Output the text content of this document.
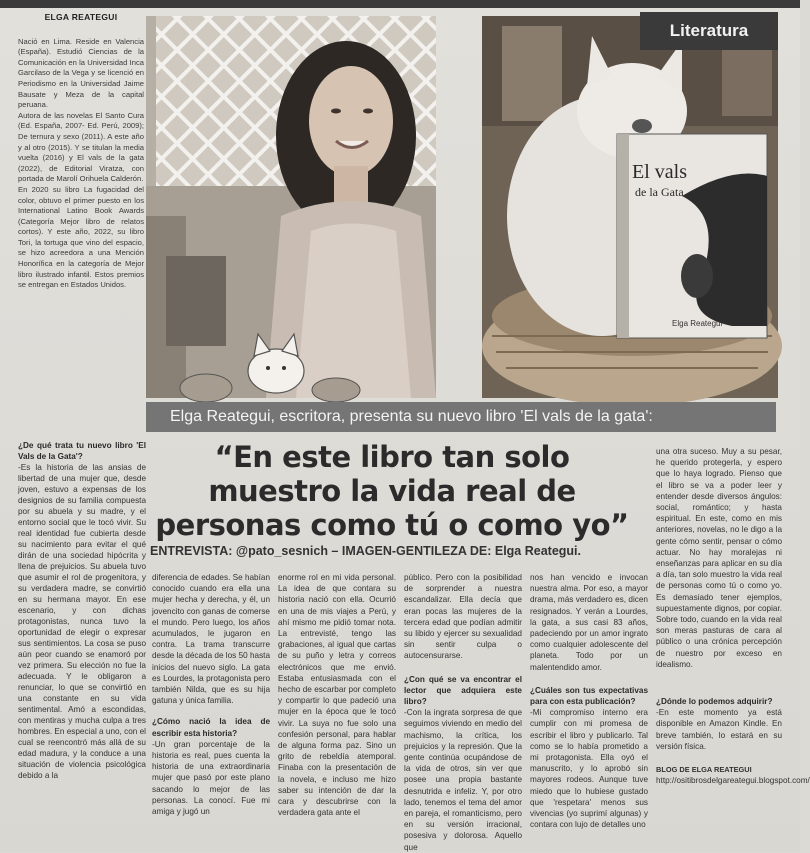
ELGA REATEGUI

Nació en Lima. Reside en Valencia (España). Estudió Ciencias de la Comunicación en la Universidad Inca Garcilaso de la Vega y se licenció en Periodismo en la Universidad Jaime Bausate y Meza de la capital peruana.

Autora de las novelas El Santo Cura (Ed. España, 2007- Ed. Perú, 2009); De ternura y sexo (2011). A este año y al otro (2015). Y se titulan la media vuelta (2016) y El vals de la gata (2022), de Editorial Viratza, con portada de Marolí Orihuela Calderón.

En 2020 su libro La fugacidad del color, obtuvo el primer puesto en los International Latino Book Awards (Categoría Mejor libro de relatos cortos). Y este año, 2022, su libro Tori, la tortuga que vino del espacio, se hizo acreedora a una Mención Honorífica en la categoría de Mejor libro ilustrado infantil. Estos premios se entregan en Estados Unidos.

El vals
de la Gata
Elga Reategui
Literatura
Elga Reategui, escritora, presenta su nuevo libro 'El vals de la gata':
¿De qué trata tu nuevo libro 'El Vals de la Gata'?
-Es la historia de las ansias de libertad de una mujer que, desde joven, estuvo a expensas de los designios de su familia compuesta por su abuela y su madre, y el entorno social que le tocó vivir. Su real identidad fue cubierta desde su nacimiento para evitar el qué dirán de una sociedad hipócrita y llena de prejuicios. Su abuela tuvo que asumir el rol de progenitora, y su verdadera madre, se convirtió en su hermana mayor. En ese escenario, y con dichas protagonistas, nunca tuvo la oportunidad de elegir o expresar sus sentimientos. La cosa se puso aún peor cuando se enamoró por vez primera. Su elección no fue la adecuada. Y le obligaron a renunciar, lo que se convirtió en una constante en su vida sentimental. Amó a escondidas, con mentiras y mucha culpa a tres hombres. En especial a uno, con el cual se reencontró más allá de su edad madura, y la conduce a una situación de violencia psicológica debido a la
“En este libro tan solo muestro la vida real de personas como tú o como yo”
ENTREVISTA: @pato_sesnich – IMAGEN-GENTILEZA DE: Elga Reategui.
una otra suceso. Muy a su pesar, he querido protegerla, y espero que lo haya logrado. Pienso que el libro se va a poder leer y entender desde diversos ángulos: social, romántico; y hasta espiritual. En este, como en mis anteriores, novelas, no le digo a la gente cómo sentir, pensar o cómo actuar. No hay moralejas ni enseñanzas para aplicar en su día a día, tan solo muestro la vida real de personas como tú o como yo. Es demasiado tener ejemplos, supuestamente dignos, por copiar. Sobre todo, cuando en la vida real son meras pasturas de cara al público o una crónica percepción de nuestro por exceso en idealismo.
diferencia de edades. Se habían conocido cuando era ella una mujer hecha y derecha, y él, un jovencito con ganas de comerse el mundo. Pero luego, los años acumulados, le jugaron en contra. La trama transcurre desde la década de los 50 hasta inicios del nuevo siglo. La gata es Lourdes, la protagonista pero también Nilda, que es su hija gatuna y única familia.
¿Cómo nació la idea de escribir esta historia?
-Un gran porcentaje de la historia es real, pues cuenta la historia de una extraordinaria mujer que pasó por este plano sacando lo mejor de las personas. La conocí. Fue mi amiga y jugó un
enorme rol en mi vida personal. La idea de que contara su historia nació con ella. Ocurrió en una de mis viajes a Perú, y ahí mismo me pidió tomar nota. La entrevisté, tengo las grabaciones, al igual que cartas de su puño y letra y correos electrónicos que me envió. Estaba entusiasmada con el hecho de escarbar por completo y compartir lo que padeció una mujer en la época que le tocó vivir. La suya no fue solo una confesión personal, para hablar de alguna forma paz. Sino un grito de rebeldía atemporal. Finaba con la presentación de la novela, e incluso me hizo saber su intención de dar la cara y descubrirse con la verdadera gata ante el
público. Pero con la posibilidad de sorprender a nuestra escandalizar. Ella decía que eran pocas las mujeres de la tercera edad que podían admitir su libido y ejercer su sexualidad sin sentir culpa o autocensurarse.
¿Con qué se va encontrar el lector que adquiera este libro?
-Con la ingrata sorpresa de que seguimos viviendo en medio del machismo, la crítica, los prejuicios y la represión. Que la gente continúa ocupándose de la vida de otros, sin ver que posee una propia bastante desnutrida e infeliz. Y, por otro lado, tenemos el tema del amor en pareja, el romanticismo, pero en su versión irracional, posesiva y dolorosa. Aquello que
nos han vencido e invocan nuestra alma. Por eso, a mayor drama, más verdadero es, dicen resignados. Y verán a Lourdes, la gata, a sus casi 83 años, padeciendo por un amor ingrato como cualquier adolescente del planeta. Todo por un malentendido amor.
¿Cuáles son tus expectativas para con esta publicación?
-Mi compromiso interno era cumplir con mi promesa de escribir el libro y publicarlo. Tal como se lo había prometido a mi protagonista. Ella oyó el manuscrito, y lo aprobó sin mayores rodeos. Aunque tuve miedo que lo hubiese gustado que 'respetara' menos sus vivencias (yo suprimí algunas) y contara con lujo de detalles uno
¿Dónde lo podemos adquirir?
-En este momento ya está disponible en Amazon Kindle. En breve también, lo estará en su versión física.
BLOG DE ELGA REATEGUI
http://ositibrosdelgareategui.blogspot.com/
